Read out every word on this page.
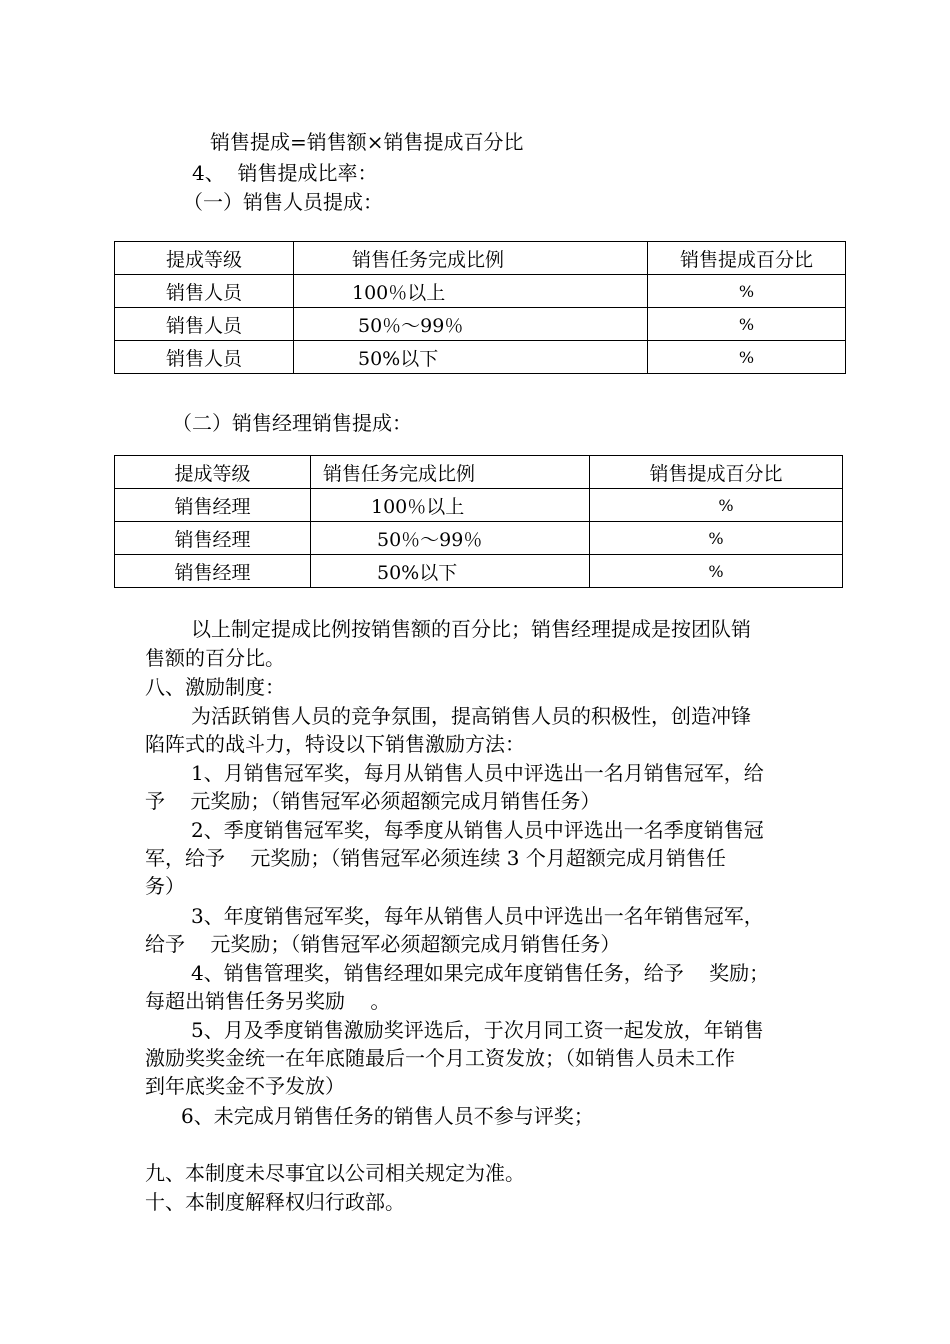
销售提成=销售额×销售提成百分比
4、  销售提成比率：
（一）销售人员提成：
提成等级	销售任务完成比例	销售提成百分比
销售人员	100％以上	%
销售人员	50％～99％	%
销售人员	50%以下	%
（二）销售经理销售提成：
提成等级	销售任务完成比例	销售提成百分比
销售经理	100％以上	%
销售经理	50％～99％	%
销售经理	50%以下	%
以上制定提成比例按销售额的百分比；销售经理提成是按团队销
售额的百分比。
八、激励制度：
为活跃销售人员的竞争氛围，提高销售人员的积极性，创造冲锋
陷阵式的战斗力，特设以下销售激励方法：
1、月销售冠军奖，每月从销售人员中评选出一名月销售冠军，给
予    元奖励；（销售冠军必须超额完成月销售任务）
2、季度销售冠军奖，每季度从销售人员中评选出一名季度销售冠
军，给予    元奖励；（销售冠军必须连续 3 个月超额完成月销售任
务）
3、年度销售冠军奖，每年从销售人员中评选出一名年销售冠军，
给予    元奖励；（销售冠军必须超额完成月销售任务）
4、销售管理奖，销售经理如果完成年度销售任务，给予    奖励；
每超出销售任务另奖励    。
5、月及季度销售激励奖评选后，于次月同工资一起发放，年销售
激励奖奖金统一在年底随最后一个月工资发放；（如销售人员未工作
到年底奖金不予发放）
6、未完成月销售任务的销售人员不参与评奖；
九、本制度未尽事宜以公司相关规定为准。
十、本制度解释权归行政部。
